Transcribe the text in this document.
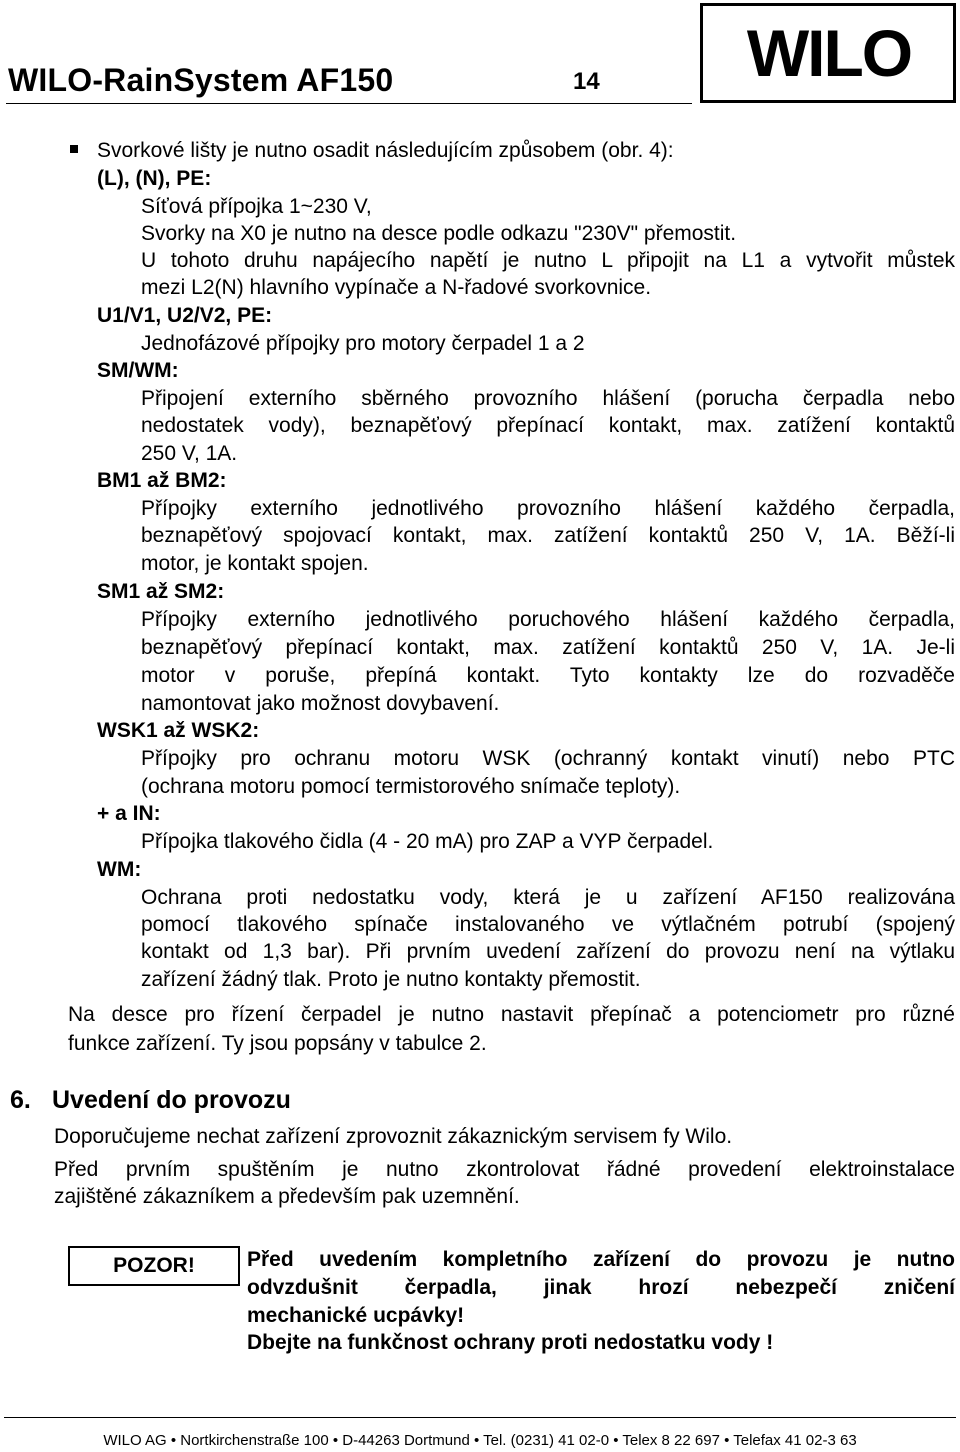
WILO-RainSystem AF150	14 WILO
Svorkové lišty je nutno osadit následujícím způsobem (obr. 4):
(L), (N), PE:
Síťová přípojka 1~230 V,
Svorky na X0 je nutno na desce podle odkazu "230V" přemostit.
U tohoto druhu napájecího napětí je nutno L připojit na L1 a vytvořit můstek
mezi L2(N) hlavního vypínače a N-řadové svorkovnice.
U1/V1, U2/V2, PE:
Jednofázové přípojky pro motory čerpadel 1 a 2
SM/WM:
Připojení externího sběrného provozního hlášení (porucha čerpadla nebo
nedostatek vody), beznapěťový přepínací kontakt, max. zatížení kontaktů
250 V, 1A.
BM1 až BM2:
Přípojky externího jednotlivého provozního hlášení každého čerpadla,
beznapěťový spojovací kontakt, max. zatížení kontaktů 250 V, 1A. Běží-li
motor, je kontakt spojen.
SM1 až SM2:
Přípojky externího jednotlivého poruchového hlášení každého čerpadla,
beznapěťový přepínací kontakt, max. zatížení kontaktů 250 V, 1A. Je-li
motor v poruše, přepíná kontakt. Tyto kontakty lze do rozvaděče
namontovat jako možnost dovybavení.
WSK1 až WSK2:
Přípojky pro ochranu motoru WSK (ochranný kontakt vinutí) nebo PTC
(ochrana motoru pomocí termistorového snímače teploty).
+ a IN:
Přípojka tlakového čidla (4 - 20 mA) pro ZAP a VYP čerpadel.
WM:
Ochrana proti nedostatku vody, která je u zařízení AF150 realizována
pomocí tlakového spínače instalovaného ve výtlačném potrubí (spojený
kontakt od 1,3 bar). Při prvním uvedení zařízení do provozu není na výtlaku
zařízení žádný tlak. Proto je nutno kontakty přemostit.
Na desce pro řízení čerpadel je nutno nastavit přepínač a potenciometr pro různé
funkce zařízení. Ty jsou popsány v tabulce 2.
6. Uvedení do provozu
Doporučujeme nechat zařízení zprovoznit zákaznickým servisem fy Wilo.
Před prvním spuštěním je nutno zkontrolovat řádné provedení elektroinstalace
zajištěné zákazníkem a především pak uzemnění.
POZOR!	Před uvedením kompletního zařízení do provozu je nutno
odvzdušnit čerpadla, jinak hrozí nebezpečí zničení
mechanické ucpávky!
Dbejte na funkčnost ochrany proti nedostatku vody !
WILO AG • Nortkirchenstraße 100 • D-44263 Dortmund • Tel. (0231) 41 02-0 • Telex 8 22 697 • Telefax 41 02-3 63
